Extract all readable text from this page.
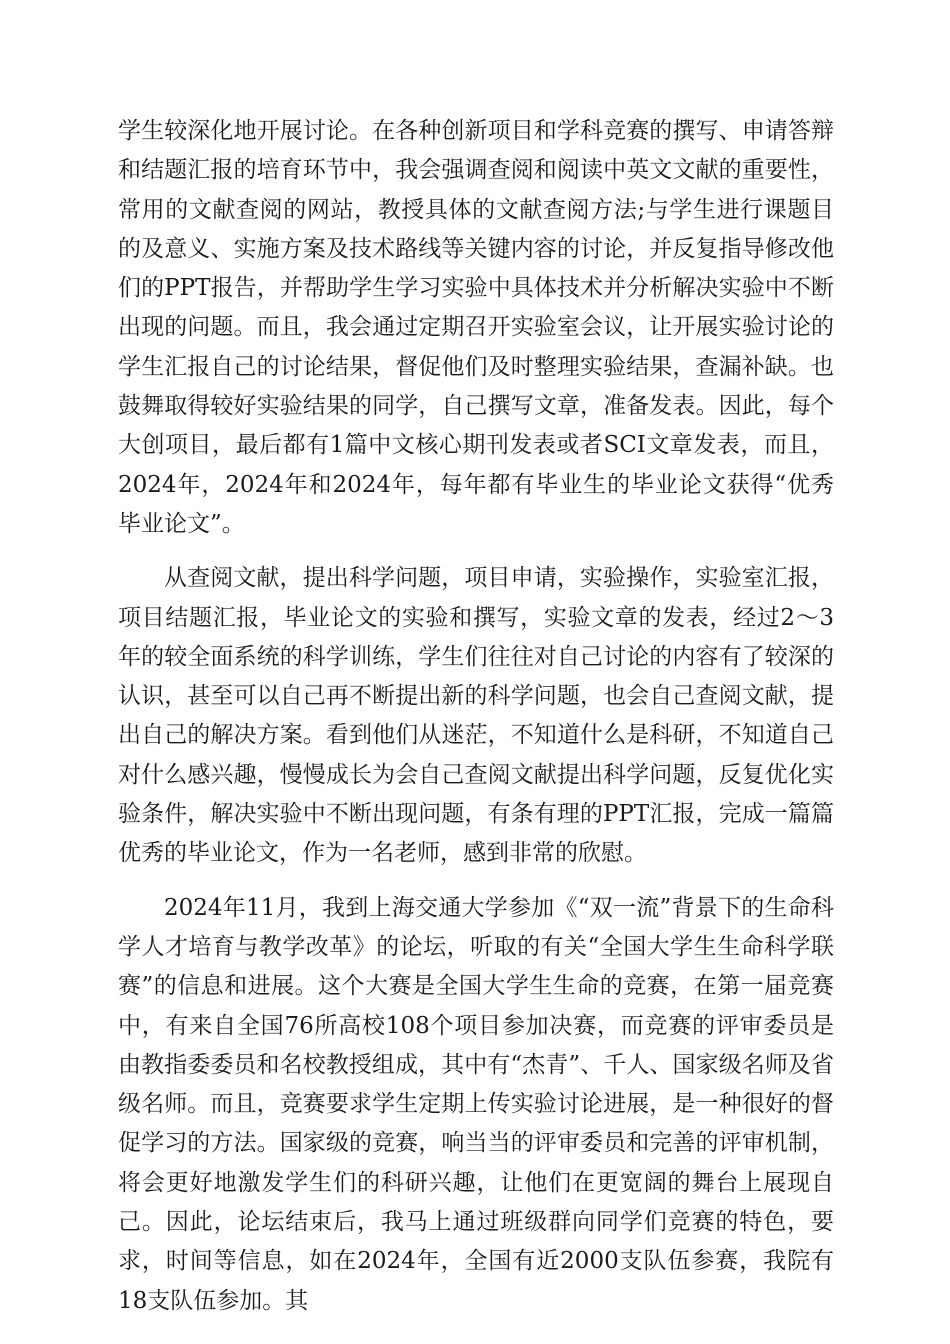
学生较深化地开展讨论。在各种创新项目和学科竞赛的撰写、申请答辩和结题汇报的培育环节中，我会强调查阅和阅读中英文文献的重要性，常用的文献查阅的网站，教授具体的文献查阅方法;与学生进行课题目的及意义、实施方案及技术路线等关键内容的讨论，并反复指导修改他们的PPT报告，并帮助学生学习实验中具体技术并分析解决实验中不断出现的问题。而且，我会通过定期召开实验室会议，让开展实验讨论的学生汇报自己的讨论结果，督促他们及时整理实验结果，查漏补缺。也鼓舞取得较好实验结果的同学，自己撰写文章，准备发表。因此，每个大创项目，最后都有1篇中文核心期刊发表或者SCI文章发表，而且，2024年，2024年和2024年，每年都有毕业生的毕业论文获得“优秀毕业论文”。

从查阅文献，提出科学问题，项目申请，实验操作，实验室汇报，项目结题汇报，毕业论文的实验和撰写，实验文章的发表，经过2～3年的较全面系统的科学训练，学生们往往对自己讨论的内容有了较深的认识，甚至可以自己再不断提出新的科学问题，也会自己查阅文献，提出自己的解决方案。看到他们从迷茫，不知道什么是科研，不知道自己对什么感兴趣，慢慢成长为会自己查阅文献提出科学问题，反复优化实验条件，解决实验中不断出现问题，有条有理的PPT汇报，完成一篇篇优秀的毕业论文，作为一名老师，感到非常的欣慰。

2024年11月，我到上海交通大学参加《“双一流”背景下的生命科学人才培育与教学改革》的论坛，听取的有关“全国大学生生命科学联赛”的信息和进展。这个大赛是全国大学生生命的竞赛，在第一届竞赛中，有来自全国76所高校108个项目参加决赛，而竞赛的评审委员是由教指委委员和名校教授组成，其中有“杰青”、千人、国家级名师及省级名师。而且，竞赛要求学生定期上传实验讨论进展，是一种很好的督促学习的方法。国家级的竞赛，响当当的评审委员和完善的评审机制，将会更好地激发学生们的科研兴趣，让他们在更宽阔的舞台上展现自己。因此，论坛结束后，我马上通过班级群向同学们竞赛的特色，要求，时间等信息，如在2024年，全国有近2000支队伍参赛，我院有18支队伍参加。其
